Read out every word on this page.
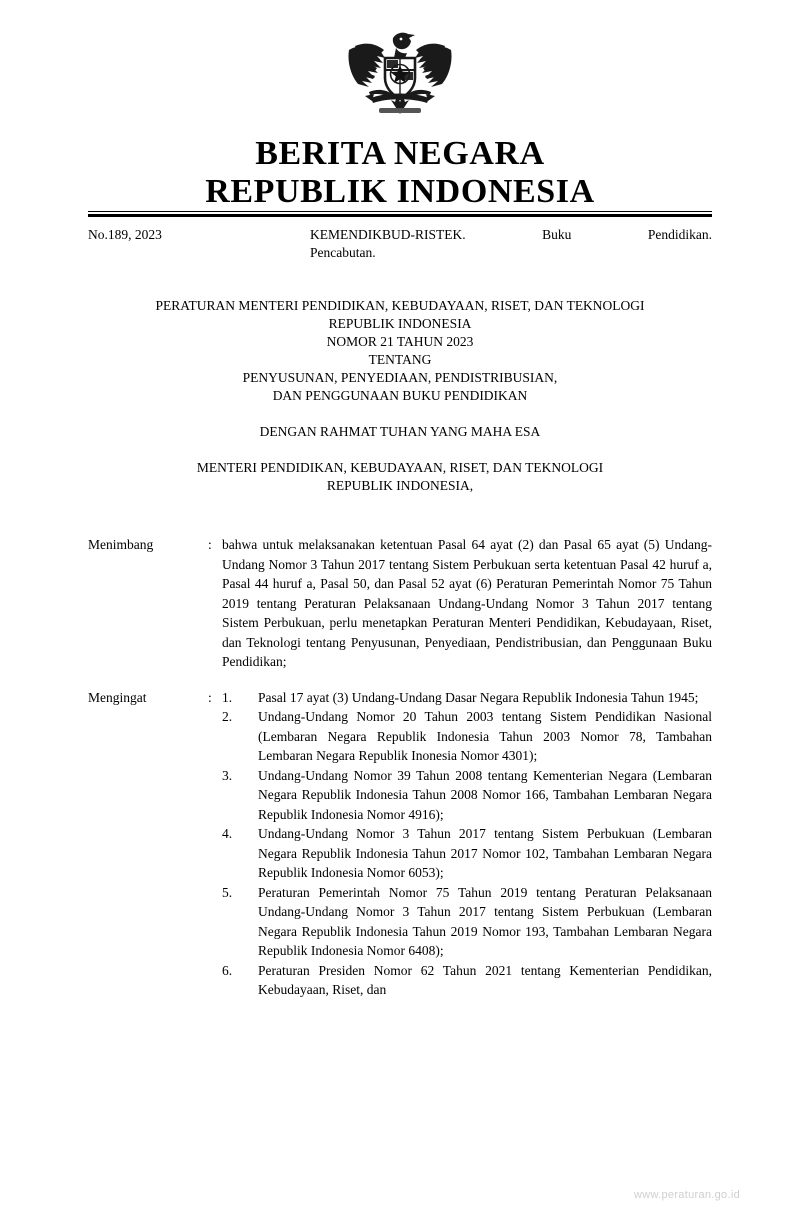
BERITA NEGARA
REPUBLIK INDONESIA
No.189, 2023	KEMENDIKBUD-RISTEK. Buku Pendidikan.
Pencabutan.
PERATURAN MENTERI PENDIDIKAN, KEBUDAYAAN, RISET, DAN TEKNOLOGI
REPUBLIK INDONESIA
NOMOR 21 TAHUN 2023
TENTANG
PENYUSUNAN, PENYEDIAAN, PENDISTRIBUSIAN,
DAN PENGGUNAAN BUKU PENDIDIKAN
DENGAN RAHMAT TUHAN YANG MAHA ESA
MENTERI PENDIDIKAN, KEBUDAYAAN, RISET, DAN TEKNOLOGI
REPUBLIK INDONESIA,
Menimbang	: bahwa untuk melaksanakan ketentuan Pasal 64 ayat (2) dan Pasal 65 ayat (5) Undang-Undang Nomor 3 Tahun 2017 tentang Sistem Perbukuan serta ketentuan Pasal 42 huruf a, Pasal 44 huruf a, Pasal 50, dan Pasal 52 ayat (6) Peraturan Pemerintah Nomor 75 Tahun 2019 tentang Peraturan Pelaksanaan Undang-Undang Nomor 3 Tahun 2017 tentang Sistem Perbukuan, perlu menetapkan Peraturan Menteri Pendidikan, Kebudayaan, Riset, dan Teknologi tentang Penyusunan, Penyediaan, Pendistribusian, dan Penggunaan Buku Pendidikan;

Mengingat	: 1.	Pasal 17 ayat (3) Undang-Undang Dasar Negara Republik Indonesia Tahun 1945;
2.	Undang-Undang Nomor 20 Tahun 2003 tentang Sistem Pendidikan Nasional (Lembaran Negara Republik Indonesia Tahun 2003 Nomor 78, Tambahan Lembaran Negara Republik Inonesia Nomor 4301);
3.	Undang-Undang Nomor 39 Tahun 2008 tentang Kementerian Negara (Lembaran Negara Republik Indonesia Tahun 2008 Nomor 166, Tambahan Lembaran Negara Republik Indonesia Nomor 4916);
4.	Undang-Undang Nomor 3 Tahun 2017 tentang Sistem Perbukuan (Lembaran Negara Republik Indonesia Tahun 2017 Nomor 102, Tambahan Lembaran Negara Republik Indonesia Nomor 6053);
5.	Peraturan Pemerintah Nomor 75 Tahun 2019 tentang Peraturan Pelaksanaan Undang-Undang Nomor 3 Tahun 2017 tentang Sistem Perbukuan (Lembaran Negara Republik Indonesia Tahun 2019 Nomor 193, Tambahan Lembaran Negara Republik Indonesia Nomor 6408);
6.	Peraturan Presiden Nomor 62 Tahun 2021 tentang Kementerian Pendidikan, Kebudayaan, Riset, dan
www.peraturan.go.id
